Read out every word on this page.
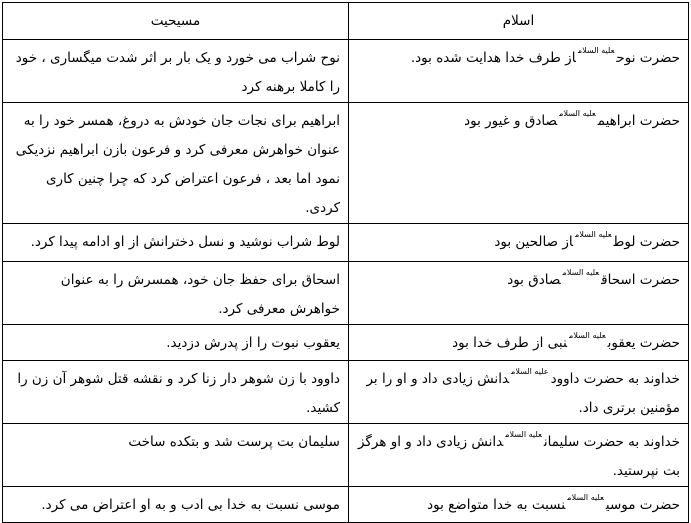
اسلام	مسیحیت
حضرت نوح$^{علیه السلام}$از طرف خدا هدایت شده بود.	نوح شراب می خورد و یک بار بر اثر شدت میگساری ، خود را کاملا برهنه کرد
حضرت ابراهیم$^{علیه السلام}$صادق و غیور بود	ابراهیم برای نجات جان خودش به دروغ، همسر خود را به عنوان خواهرش معرفی کرد و فرعون بازن ابراهیم نزدیکی نمود اما بعد ، فرعون اعتراض کرد که چرا چنین کاری کردی.
حضرت لوط$^{علیه السلام}$از صالحین بود	لوط شراب نوشید و نسل دخترانش از او ادامه پیدا کرد.
حضرت اسحاق$^{علیه السلام}$صادق بود	اسحاق برای حفظ جان خود، همسرش را به عنوان خواهرش معرفی کرد.
حضرت یعقوب$^{علیه السلام}$نبی از طرف خدا بود	یعقوب نبوت را از پدرش دزدید.
خداوند به حضرت داوود$^{علیه السلام}$دانش زیادی داد و او را بر مؤمنین برتری داد.	داوود با زن شوهر دار زنا کرد و نقشه قتل شوهر آن زن را کشید.
خداوند به حضرت سلیمان$^{علیه السلام}$دانش زیادی داد و او هرگز بت نپرستید.	سلیمان بت پرست شد و بتکده ساخت
حضرت موسی$^{علیه السلام}$نسبت به خدا متواضع بود	موسی نسبت به خدا بی ادب و به او اعتراض می کرد.
